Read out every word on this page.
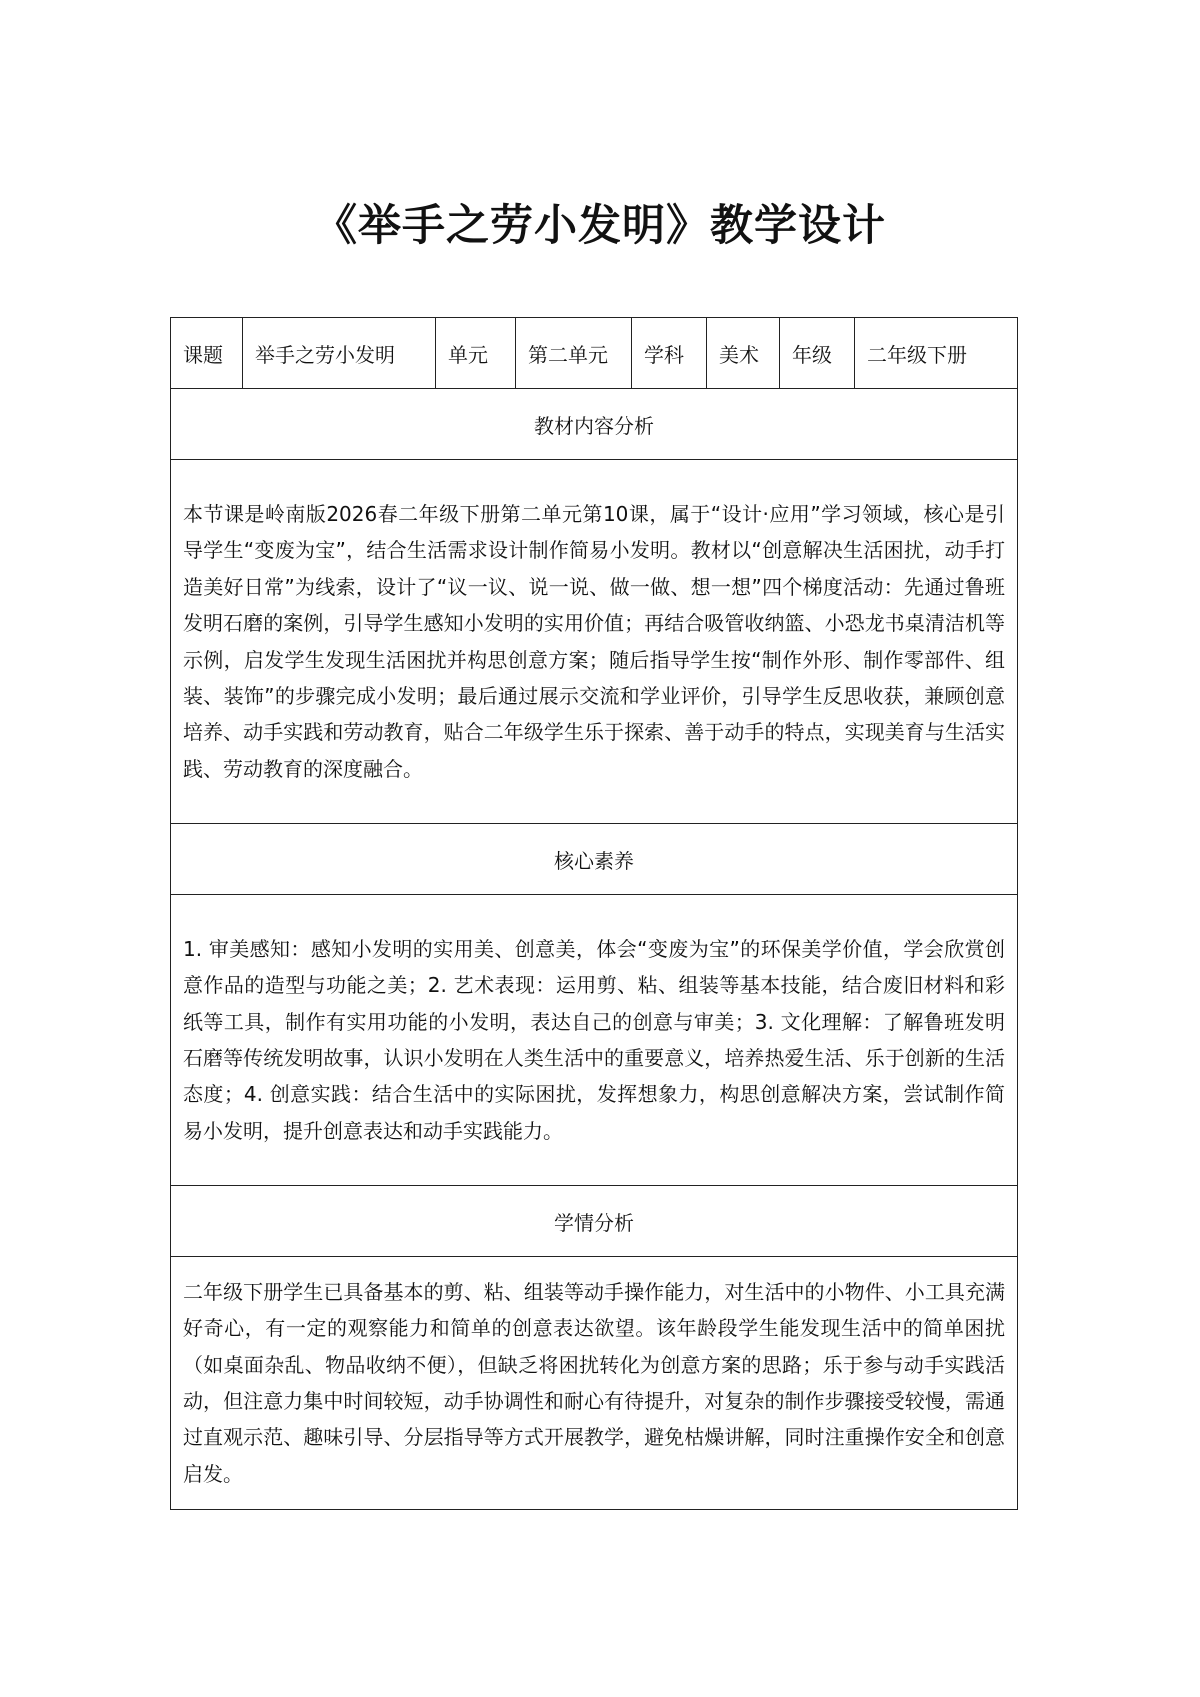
《举手之劳小发明》教学设计
课题	举手之劳小发明	单元	第二单元	学科	美术	年级	二年级下册
教材内容分析
本节课是岭南版2026春二年级下册第二单元第10课，属于“设计·应用”学习领域，核心是引导学生“变废为宝”，结合生活需求设计制作简易小发明。教材以“创意解决生活困扰，动手打造美好日常”为线索，设计了“议一议、说一说、做一做、想一想”四个梯度活动：先通过鲁班发明石磨的案例，引导学生感知小发明的实用价值；再结合吸管收纳篮、小恐龙书桌清洁机等示例，启发学生发现生活困扰并构思创意方案；随后指导学生按“制作外形、制作零部件、组装、装饰”的步骤完成小发明；最后通过展示交流和学业评价，引导学生反思收获，兼顾创意培养、动手实践和劳动教育，贴合二年级学生乐于探索、善于动手的特点，实现美育与生活实践、劳动教育的深度融合。
核心素养
1. 审美感知：感知小发明的实用美、创意美，体会“变废为宝”的环保美学价值，学会欣赏创意作品的造型与功能之美；2. 艺术表现：运用剪、粘、组装等基本技能，结合废旧材料和彩纸等工具，制作有实用功能的小发明，表达自己的创意与审美；3. 文化理解：了解鲁班发明石磨等传统发明故事，认识小发明在人类生活中的重要意义，培养热爱生活、乐于创新的生活态度；4. 创意实践：结合生活中的实际困扰，发挥想象力，构思创意解决方案，尝试制作简易小发明，提升创意表达和动手实践能力。
学情分析
二年级下册学生已具备基本的剪、粘、组装等动手操作能力，对生活中的小物件、小工具充满好奇心，有一定的观察能力和简单的创意表达欲望。该年龄段学生能发现生活中的简单困扰（如桌面杂乱、物品收纳不便），但缺乏将困扰转化为创意方案的思路；乐于参与动手实践活动，但注意力集中时间较短，动手协调性和耐心有待提升，对复杂的制作步骤接受较慢，需通过直观示范、趣味引导、分层指导等方式开展教学，避免枯燥讲解，同时注重操作安全和创意启发。
